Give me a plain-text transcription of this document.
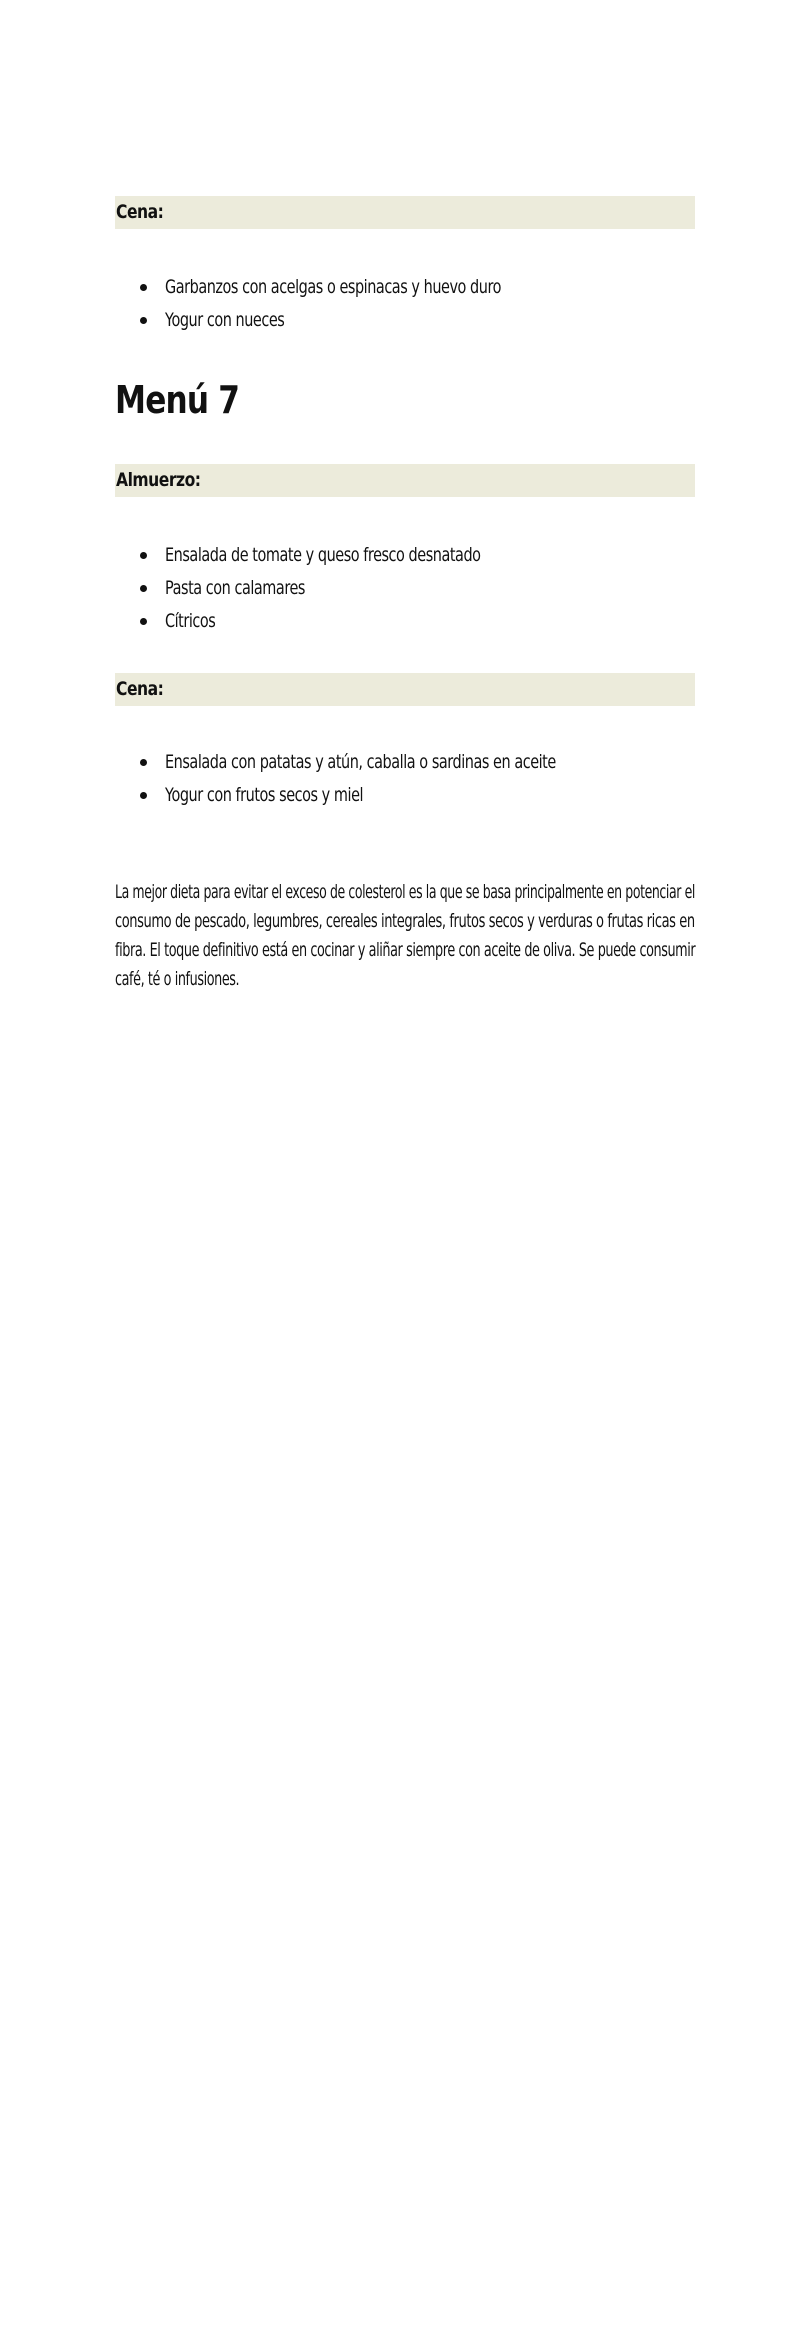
Cena:
Garbanzos con acelgas o espinacas y huevo duro
Yogur con nueces
Menú 7
Almuerzo:
Ensalada de tomate y queso fresco desnatado
Pasta con calamares
Cítricos
Cena:
Ensalada con patatas y atún, caballa o sardinas en aceite
Yogur con frutos secos y miel
La mejor dieta para evitar el exceso de colesterol es la que se basa principalmente en potenciar el
consumo de pescado, legumbres, cereales integrales, frutos secos y verduras o frutas ricas en
fibra. El toque definitivo está en cocinar y aliñar siempre con aceite de oliva. Se puede consumir
café, té o infusiones.
